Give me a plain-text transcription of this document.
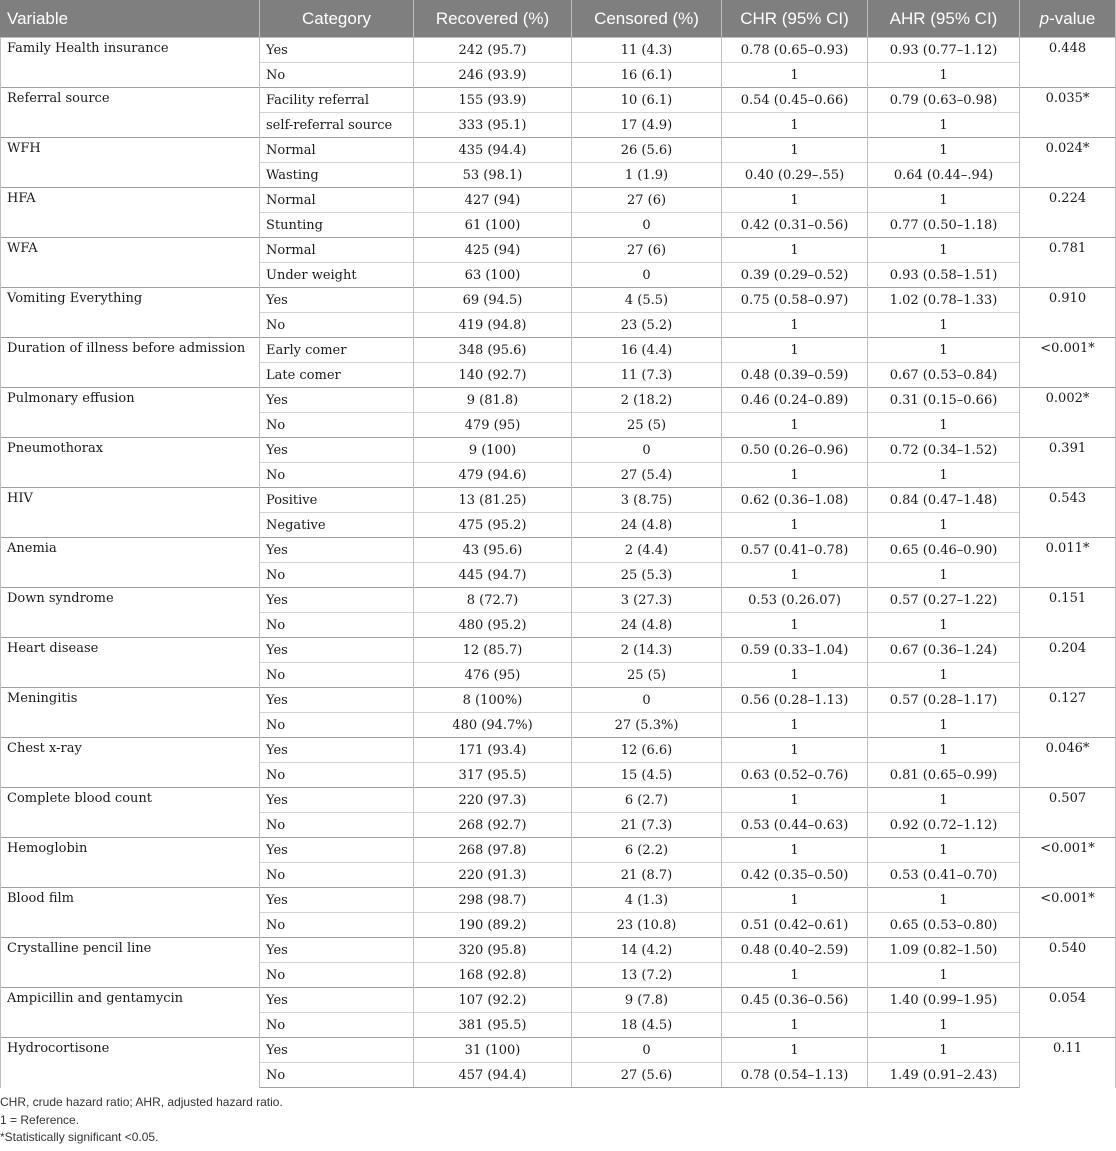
Variable	Category	Recovered (%)	Censored (%)	CHR (95% CI)	AHR (95% CI)	p-value
Family Health insurance	Yes	242 (95.7)	11 (4.3)	0.78 (0.65–0.93)	0.93 (0.77–1.12)	0.448
	No	246 (93.9)	16 (6.1)	1	1	
Referral source	Facility referral	155 (93.9)	10 (6.1)	0.54 (0.45–0.66)	0.79 (0.63–0.98)	0.035*
	self-referral source	333 (95.1)	17 (4.9)	1	1	
WFH	Normal	435 (94.4)	26 (5.6)	1	1	0.024*
	Wasting	53 (98.1)	1 (1.9)	0.40 (0.29–.55)	0.64 (0.44–.94)	
HFA	Normal	427 (94)	27 (6)	1	1	0.224
	Stunting	61 (100)	0	0.42 (0.31–0.56)	0.77 (0.50–1.18)	
WFA	Normal	425 (94)	27 (6)	1	1	0.781
	Under weight	63 (100)	0	0.39 (0.29–0.52)	0.93 (0.58–1.51)	
Vomiting Everything	Yes	69 (94.5)	4 (5.5)	0.75 (0.58–0.97)	1.02 (0.78–1.33)	0.910
	No	419 (94.8)	23 (5.2)	1	1	
Duration of illness before admission	Early comer	348 (95.6)	16 (4.4)	1	1	<0.001*
	Late comer	140 (92.7)	11 (7.3)	0.48 (0.39–0.59)	0.67 (0.53–0.84)	
Pulmonary effusion	Yes	9 (81.8)	2 (18.2)	0.46 (0.24–0.89)	0.31 (0.15–0.66)	0.002*
	No	479 (95)	25 (5)	1	1	
Pneumothorax	Yes	9 (100)	0	0.50 (0.26–0.96)	0.72 (0.34–1.52)	0.391
	No	479 (94.6)	27 (5.4)	1	1	
HIV	Positive	13 (81.25)	3 (8.75)	0.62 (0.36–1.08)	0.84 (0.47–1.48)	0.543
	Negative	475 (95.2)	24 (4.8)	1	1	
Anemia	Yes	43 (95.6)	2 (4.4)	0.57 (0.41–0.78)	0.65 (0.46–0.90)	0.011*
	No	445 (94.7)	25 (5.3)	1	1	
Down syndrome	Yes	8 (72.7)	3 (27.3)	0.53 (0.26.07)	0.57 (0.27–1.22)	0.151
	No	480 (95.2)	24 (4.8)	1	1	
Heart disease	Yes	12 (85.7)	2 (14.3)	0.59 (0.33–1.04)	0.67 (0.36–1.24)	0.204
	No	476 (95)	25 (5)	1	1	
Meningitis	Yes	8 (100%)	0	0.56 (0.28–1.13)	0.57 (0.28–1.17)	0.127
	No	480 (94.7%)	27 (5.3%)	1	1	
Chest x-ray	Yes	171 (93.4)	12 (6.6)	1	1	0.046*
	No	317 (95.5)	15 (4.5)	0.63 (0.52–0.76)	0.81 (0.65–0.99)	
Complete blood count	Yes	220 (97.3)	6 (2.7)	1	1	0.507
	No	268 (92.7)	21 (7.3)	0.53 (0.44–0.63)	0.92 (0.72–1.12)	
Hemoglobin	Yes	268 (97.8)	6 (2.2)	1	1	<0.001*
	No	220 (91.3)	21 (8.7)	0.42 (0.35–0.50)	0.53 (0.41–0.70)	
Blood film	Yes	298 (98.7)	4 (1.3)	1	1	<0.001*
	No	190 (89.2)	23 (10.8)	0.51 (0.42–0.61)	0.65 (0.53–0.80)	
Crystalline pencil line	Yes	320 (95.8)	14 (4.2)	0.48 (0.40–2.59)	1.09 (0.82–1.50)	0.540
	No	168 (92.8)	13 (7.2)	1	1	
Ampicillin and gentamycin	Yes	107 (92.2)	9 (7.8)	0.45 (0.36–0.56)	1.40 (0.99–1.95)	0.054
	No	381 (95.5)	18 (4.5)	1	1	
Hydrocortisone	Yes	31 (100)	0	1	1	0.11
	No	457 (94.4)	27 (5.6)	0.78 (0.54–1.13)	1.49 (0.91–2.43)	
CHR, crude hazard ratio; AHR, adjusted hazard ratio.
1 = Reference.
*Statistically significant <0.05.
